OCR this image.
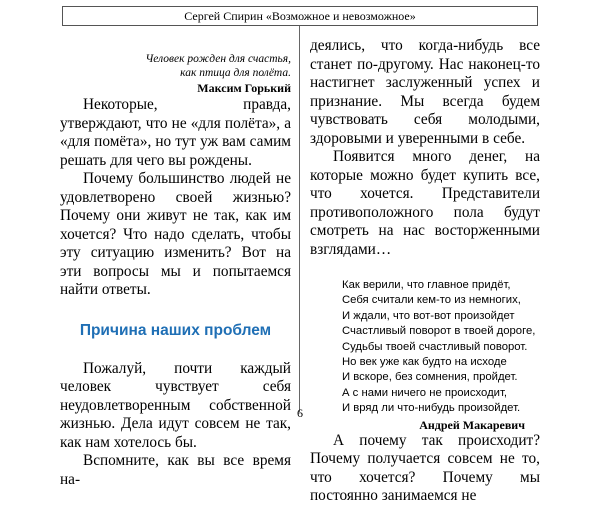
Сергей Спирин «Возможное и невозможное»
Человек рожден для счастья,
как птица для полёта.
Максим Горький

Некоторые, правда, утверждают, что не «для полёта», а «для помёта», но тут уж вам самим решать для чего вы рождены.

Почему большинство людей не удовлетворено своей жизнью? Почему они живут не так, как им хочется? Что надо сделать, чтобы эту ситуацию изменить? Вот на эти вопросы мы и попытаемся найти ответы.

Причина наших проблем

Пожалуй, почти каждый человек чувствует себя неудовлетворенным собственной жизнью. Дела идут совсем не так, как нам хотелось бы.

Вспомните, как вы все время на-

деялись, что когда-нибудь все станет по-другому. Нас наконец-то настигнет заслуженный успех и признание. Мы всегда будем чувствовать себя молодыми, здоровыми и уверенными в себе.

Появится много денег, на которые можно будет купить все, что хочется. Представители противоположного пола будут смотреть на нас восторженными взглядами…

Как верили, что главное придёт,
Себя считали кем-то из немногих,
И ждали, что вот-вот произойдет
Счастливый поворот в твоей дороге,
Судьбы твоей счастливый поворот.
Но век уже как будто на исходе
И вскоре, без сомнения, пройдет.
А с нами ничего не происходит,
И вряд ли что-нибудь произойдет.
Андрей Макаревич

А почему так происходит? Почему получается совсем не то, что хочется? Почему мы постоянно занимаемся не

6
